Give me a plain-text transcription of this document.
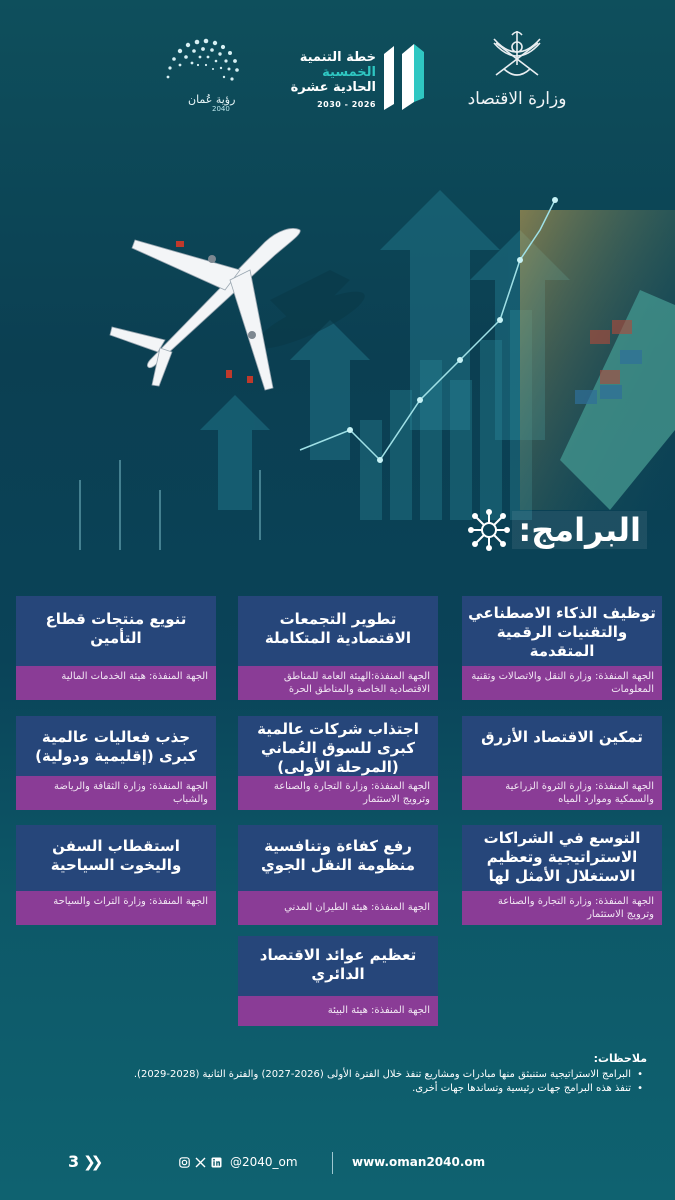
وزارة الاقتصاد
خطة التنمية
الخمسية
الحادية عشرة
2030 - 2026
رؤية عُمان
2040
البرامج:
توظيف الذكاء الاصطناعي والتقنيات الرقمية المتقدمة
الجهة المنفذة: وزارة النقل والاتصالات وتقنية المعلومات
تطوير التجمعات الاقتصادية المتكاملة
الجهة المنفذة:الهيئة العامة للمناطق الاقتصادية الخاصة والمناطق الحرة
تنويع منتجات قطاع التأمين
الجهة المنفذة: هيئة الخدمات المالية
تمكين الاقتصاد الأزرق
الجهة المنفذة: وزارة الثروة الزراعية والسمكية وموارد المياه
اجتذاب شركات عالمية كبرى للسوق العُماني (المرحلة الأولى)
الجهة المنفذة: وزارة التجارة والصناعة وترويج الاستثمار
جذب فعاليات عالمية كبرى (إقليمية ودولية)
الجهة المنفذة: وزارة الثقافة والرياضة والشباب
التوسع في الشراكات الاستراتيجية وتعظيم الاستغلال الأمثل لها
الجهة المنفذة: وزارة التجارة والصناعة وترويج الاستثمار
رفع كفاءة وتنافسية منظومة النقل الجوي
الجهة المنفذة: هيئة الطيران المدني
استقطاب السفن واليخوت السياحية
الجهة المنفذة: وزارة التراث والسياحة
تعظيم عوائد الاقتصاد الدائري
الجهة المنفذة: هيئة البيئة
ملاحظات:
• البرامج الاستراتيجية ستنبثق منها مبادرات ومشاريع تنفذ خلال الفترة الأولى (2026-2027) والفترة الثانية (2028-2029).
• تنفذ هذه البرامج جهات رئيسية وتساندها جهات أخرى.
3 ❯❯	@2040_om	www.oman2040.om
